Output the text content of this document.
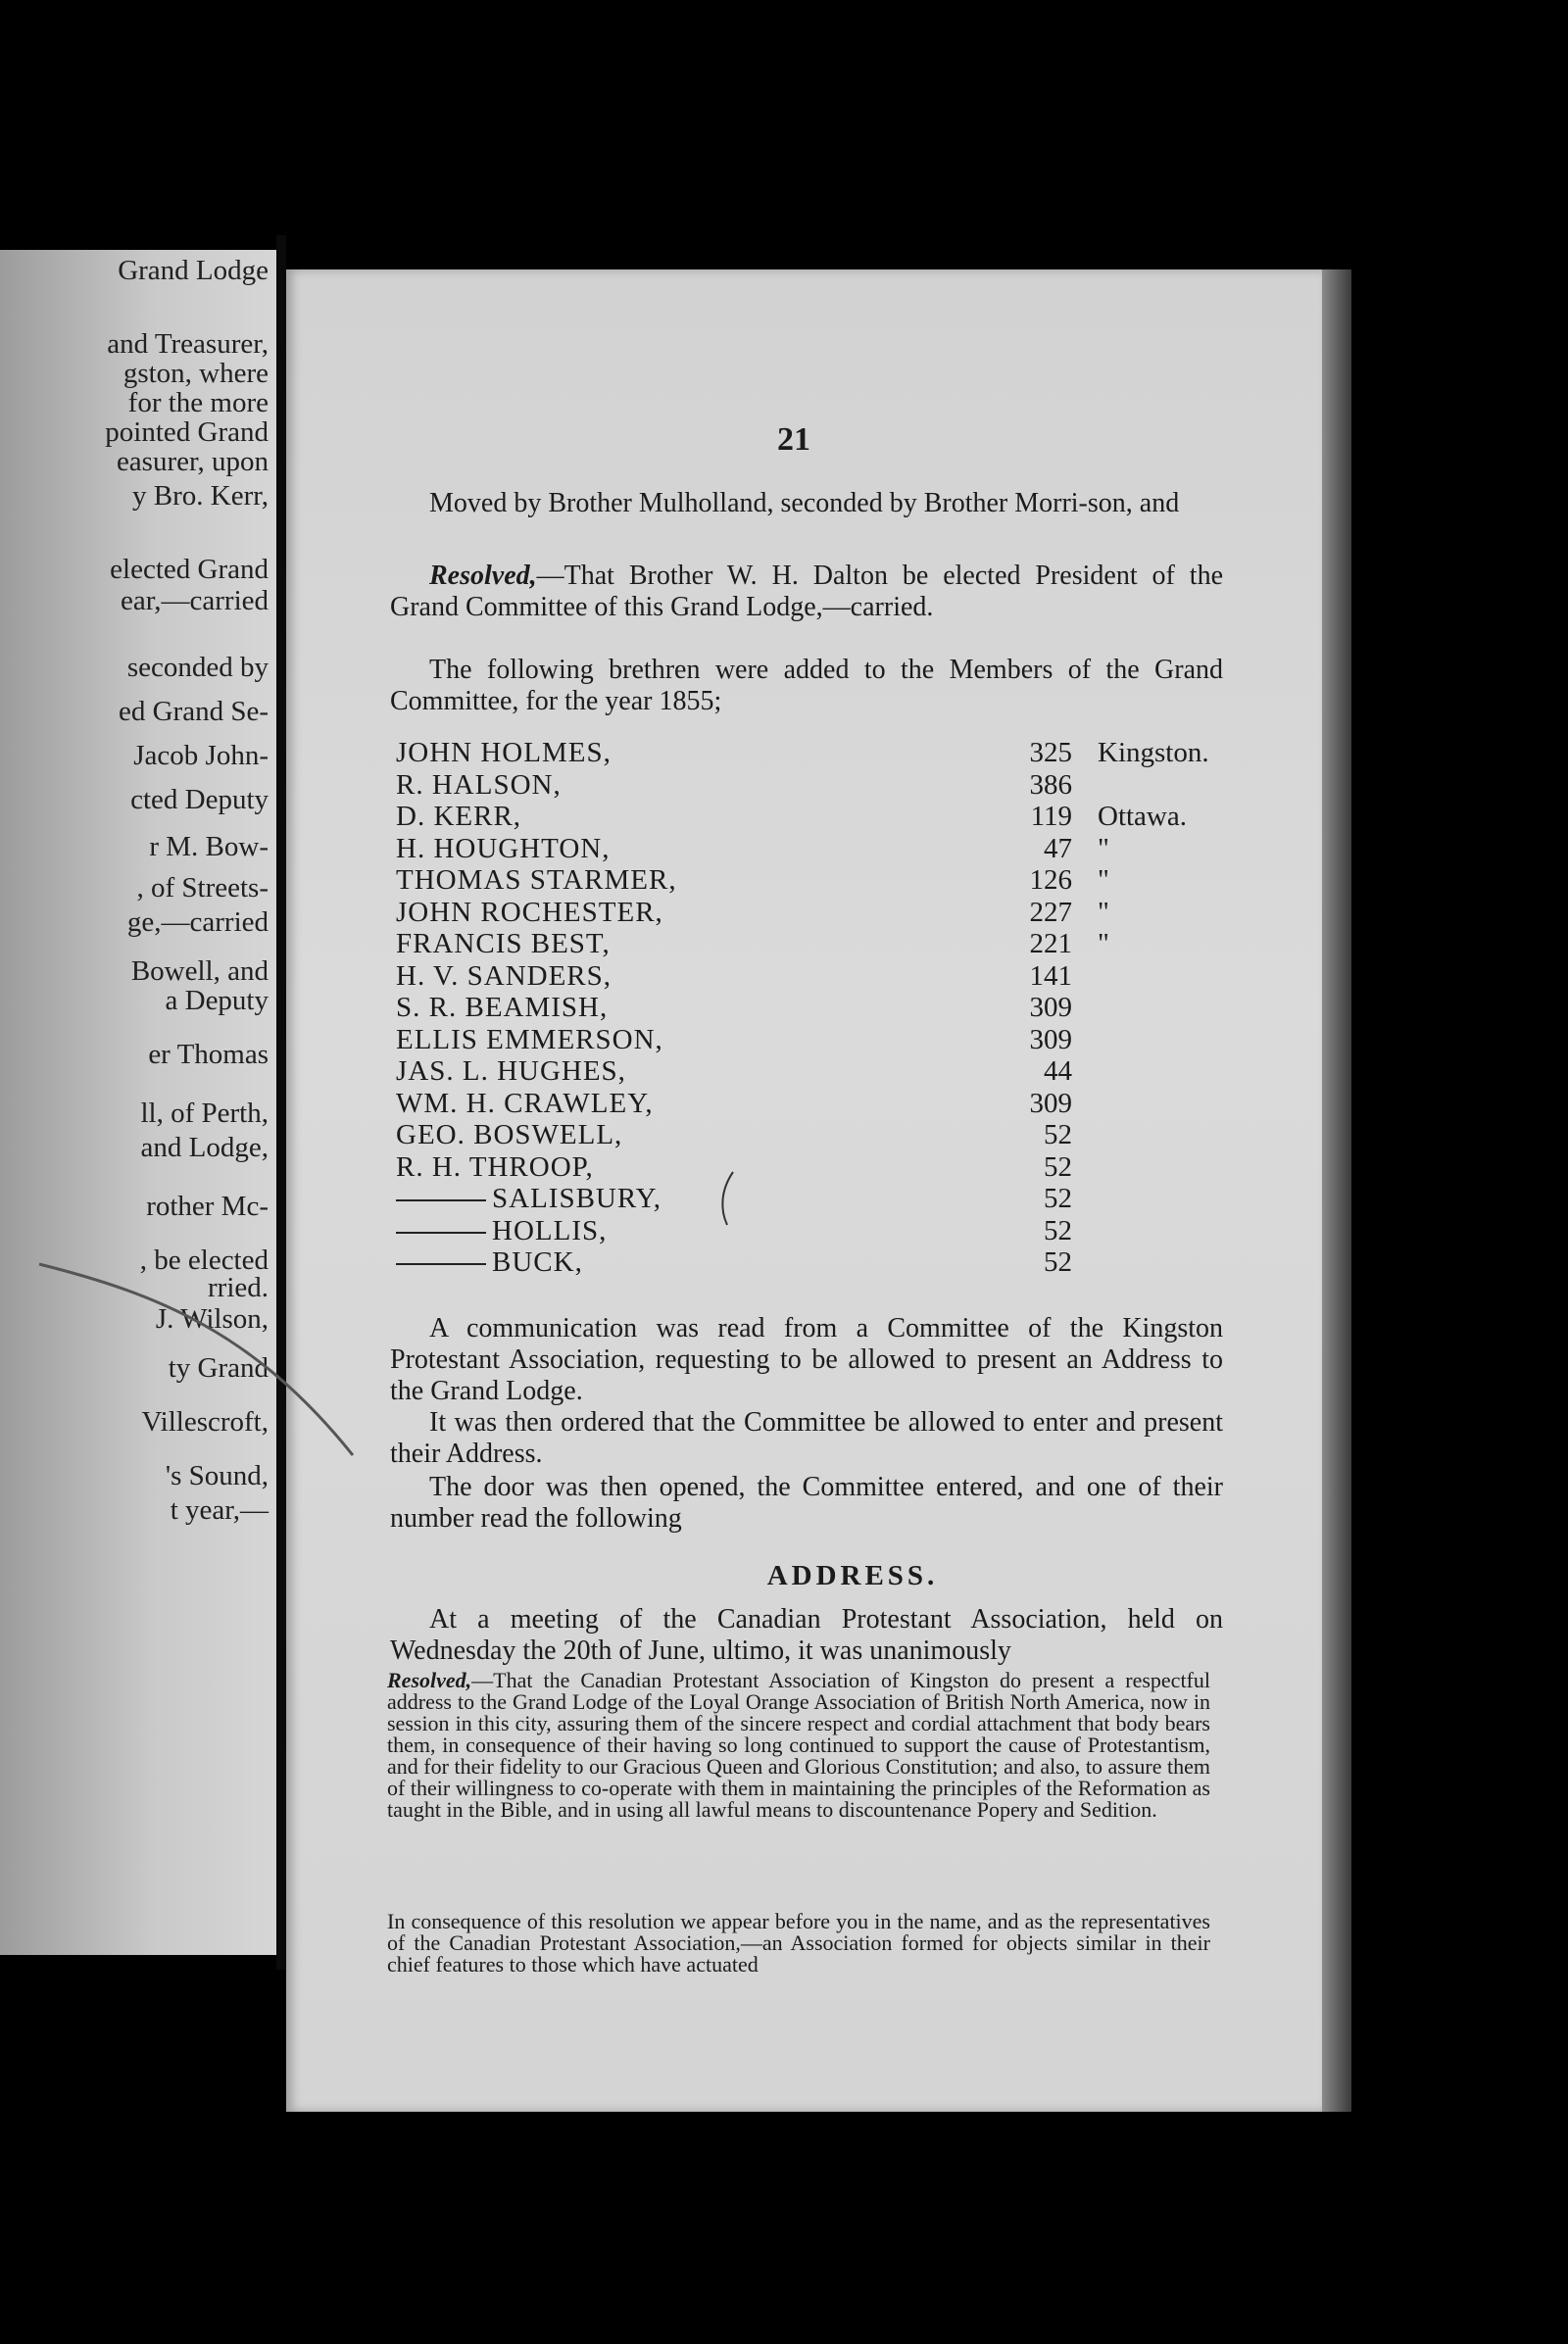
Grand Lodge
and Treasurer,
gston, where
for the more
pointed Grand
easurer, upon
y Bro. Kerr,
elected Grand
ear,—carried
seconded by
ed Grand Se-
Jacob John-
cted Deputy
r M. Bow-
, of Streets-
ge,—carried
Bowell, and
a Deputy
er Thomas
ll, of Perth,
and Lodge,
rother Mc-
, be elected
rried.
J. Wilson,
ty Grand
Villescroft,
's Sound,
t year,—
21
Moved by Brother Mulholland, seconded by Brother Morri-son, and
Resolved,—That Brother W. H. Dalton be elected President of the Grand Committee of this Grand Lodge,—carried.
The following brethren were added to the Members of the Grand Committee, for the year 1855;
JOHN HOLMES,	325 Kingston.
R. HALSON,	386
D. KERR,	119 Ottawa.
H. HOUGHTON,	47 "
THOMAS STARMER,	126 "
JOHN ROCHESTER,	227 "
FRANCIS BEST,	221 "
H. V. SANDERS,	141
S. R. BEAMISH,	309
ELLIS EMMERSON,	309
JAS. L. HUGHES,	44
WM. H. CRAWLEY,	309
GEO. BOSWELL,	52
R. H. THROOP,	52
SALISBURY,	52
HOLLIS,	52
BUCK,	52
A communication was read from a Committee of the Kingston Protestant Association, requesting to be allowed to present an Address to the Grand Lodge.
It was then ordered that the Committee be allowed to enter and present their Address.
The door was then opened, the Committee entered, and one of their number read the following
ADDRESS.
At a meeting of the Canadian Protestant Association, held on Wednesday the 20th of June, ultimo, it was unanimously
Resolved,—That the Canadian Protestant Association of Kingston do present a respectful address to the Grand Lodge of the Loyal Orange Association of British North America, now in session in this city, assuring them of the sincere respect and cordial attachment that body bears them, in consequence of their having so long continued to support the cause of Protestantism, and for their fidelity to our Gracious Queen and Glorious Constitution; and also, to assure them of their willingness to co-operate with them in maintaining the principles of the Reformation as taught in the Bible, and in using all lawful means to discountenance Popery and Sedition.
In consequence of this resolution we appear before you in the name, and as the representatives of the Canadian Protestant Association,—an Association formed for objects similar in their chief features to those which have actuated
